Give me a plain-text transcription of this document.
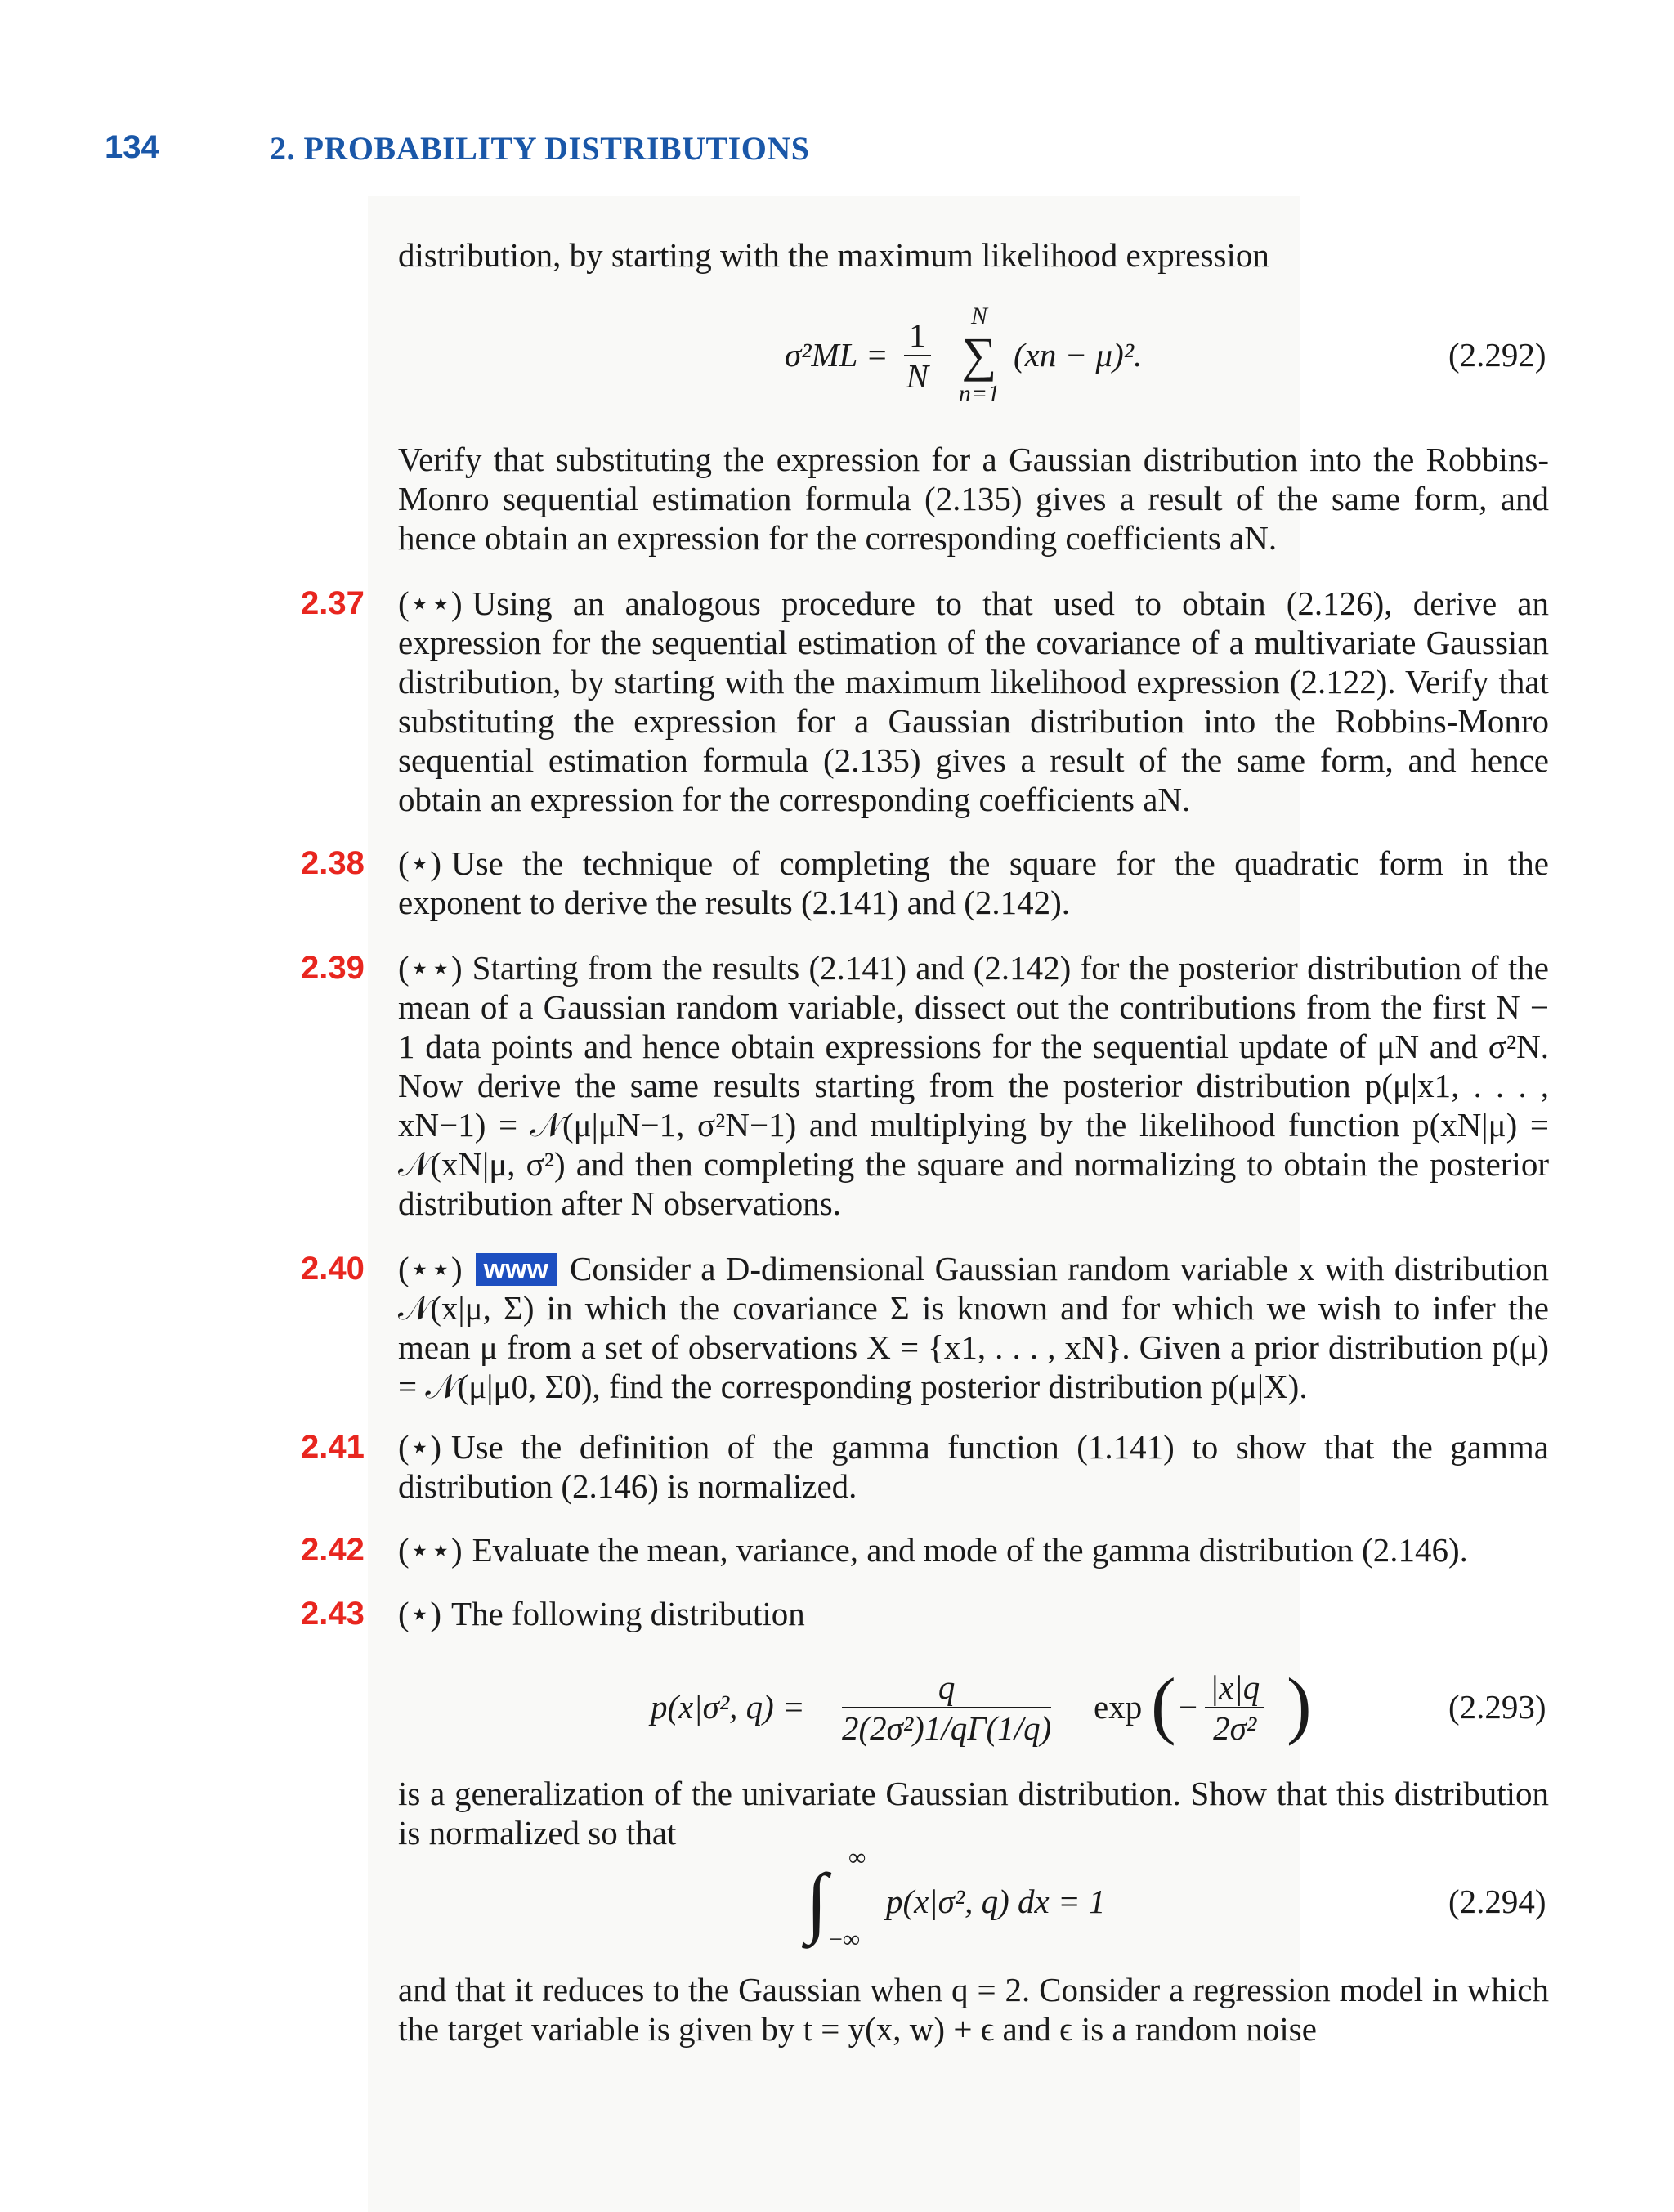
134	2. PROBABILITY DISTRIBUTIONS

distribution, by starting with the maximum likelihood expression

$\sigma^2ML = \frac{1}{N}$	N
∑
n=1
(xn − μ)².	(2.292)

Verify that substituting the expression for a Gaussian distribution into the Robbins-Monro sequential estimation formula (2.135) gives a result of the same form, and hence obtain an expression for the corresponding coefficients aN.

2.37 (⋆⋆) Using an analogous procedure to that used to obtain (2.126), derive an expression for the sequential estimation of the covariance of a multivariate Gaussian distribution, by starting with the maximum likelihood expression (2.122). Verify that substituting the expression for a Gaussian distribution into the Robbins-Monro sequential estimation formula (2.135) gives a result of the same form, and hence obtain an expression for the corresponding coefficients aN.

2.38 (⋆) Use the technique of completing the square for the quadratic form in the exponent to derive the results (2.141) and (2.142).

2.39 (⋆⋆) Starting from the results (2.141) and (2.142) for the posterior distribution of the mean of a Gaussian random variable, dissect out the contributions from the first N − 1 data points and hence obtain expressions for the sequential update of μN and σ²N. Now derive the same results starting from the posterior distribution p(μ|x1, . . . , xN−1) = 𝒩(μ|μN−1, σ²N−1) and multiplying by the likelihood function p(xN|μ) = 𝒩(xN|μ, σ²) and then completing the square and normalizing to obtain the posterior distribution after N observations.

2.40 (⋆⋆) www Consider a D-dimensional Gaussian random variable x with distribution 𝒩(x|μ, Σ) in which the covariance Σ is known and for which we wish to infer the mean μ from a set of observations X = {x1, . . . , xN}. Given a prior distribution p(μ) = 𝒩(μ|μ0, Σ0), find the corresponding posterior distribution p(μ|X).

2.41 (⋆) Use the definition of the gamma function (1.141) to show that the gamma distribution (2.146) is normalized.

2.42 (⋆⋆) Evaluate the mean, variance, and mode of the gamma distribution (2.146).

2.43 (⋆) The following distribution

p(x|σ², $q) = \frac{q}{\text{2(2σ²)1/qΓ(1/q)}}$ exp ( − $\frac{|x|q}{\text{2σ²}}$ )	(2.293)

is a generalization of the univariate Gaussian distribution. Show that this distribution is normalized so that

∫ ∞
−∞
p(x|σ², q) dx = 1	(2.294)

and that it reduces to the Gaussian when q = 2. Consider a regression model in which the target variable is given by t = y(x, w) + ϵ and ϵ is a random noise
